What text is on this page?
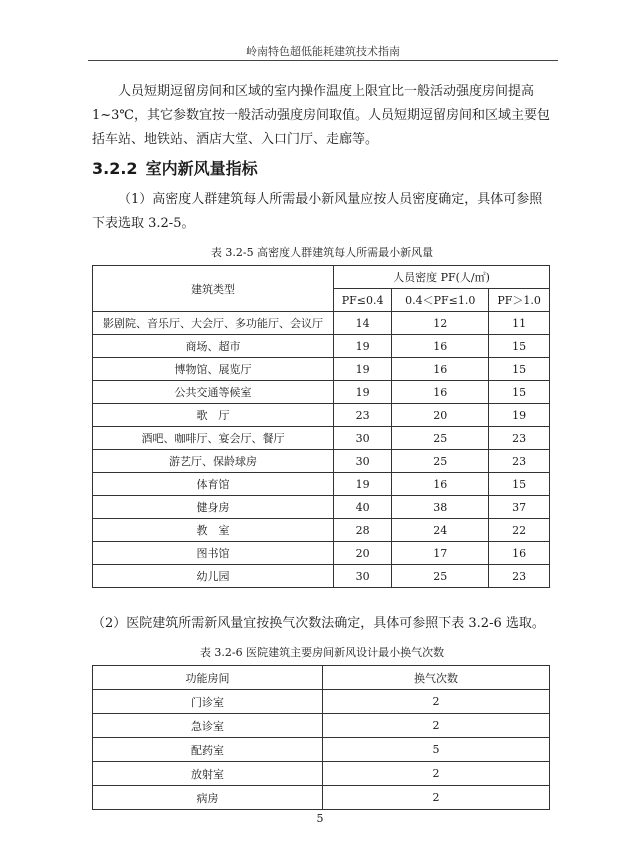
岭南特色超低能耗建筑技术指南

人员短期逗留房间和区域的室内操作温度上限宜比一般活动强度房间提高1~3℃，其它参数宜按一般活动强度房间取值。人员短期逗留房间和区域主要包括车站、地铁站、酒店大堂、入口门厅、走廊等。

3.2.2 室内新风量指标

（1）高密度人群建筑每人所需最小新风量应按人员密度确定，具体可参照下表选取 3.2-5。

表 3.2-5 高密度人群建筑每人所需最小新风量
建筑类型	人员密度 PF(人/㎡)		
	PF≤0.4	0.4＜PF≤1.0	PF＞1.0
影剧院、音乐厅、大会厅、多功能厅、会议厅	14	12	11
商场、超市	19	16	15
博物馆、展览厅	19	16	15
公共交通等候室	19	16	15
歌　厅	23	20	19
酒吧、咖啡厅、宴会厅、餐厅	30	25	23
游艺厅、保龄球房	30	25	23
体育馆	19	16	15
健身房	40	38	37
教　室	28	24	22
图书馆	20	17	16
幼儿园	30	25	23

（2）医院建筑所需新风量宜按换气次数法确定，具体可参照下表 3.2-6 选取。

表 3.2-6 医院建筑主要房间新风设计最小换气次数
功能房间	换气次数
门诊室	2
急诊室	2
配药室	5
放射室	2
病房	2
5
